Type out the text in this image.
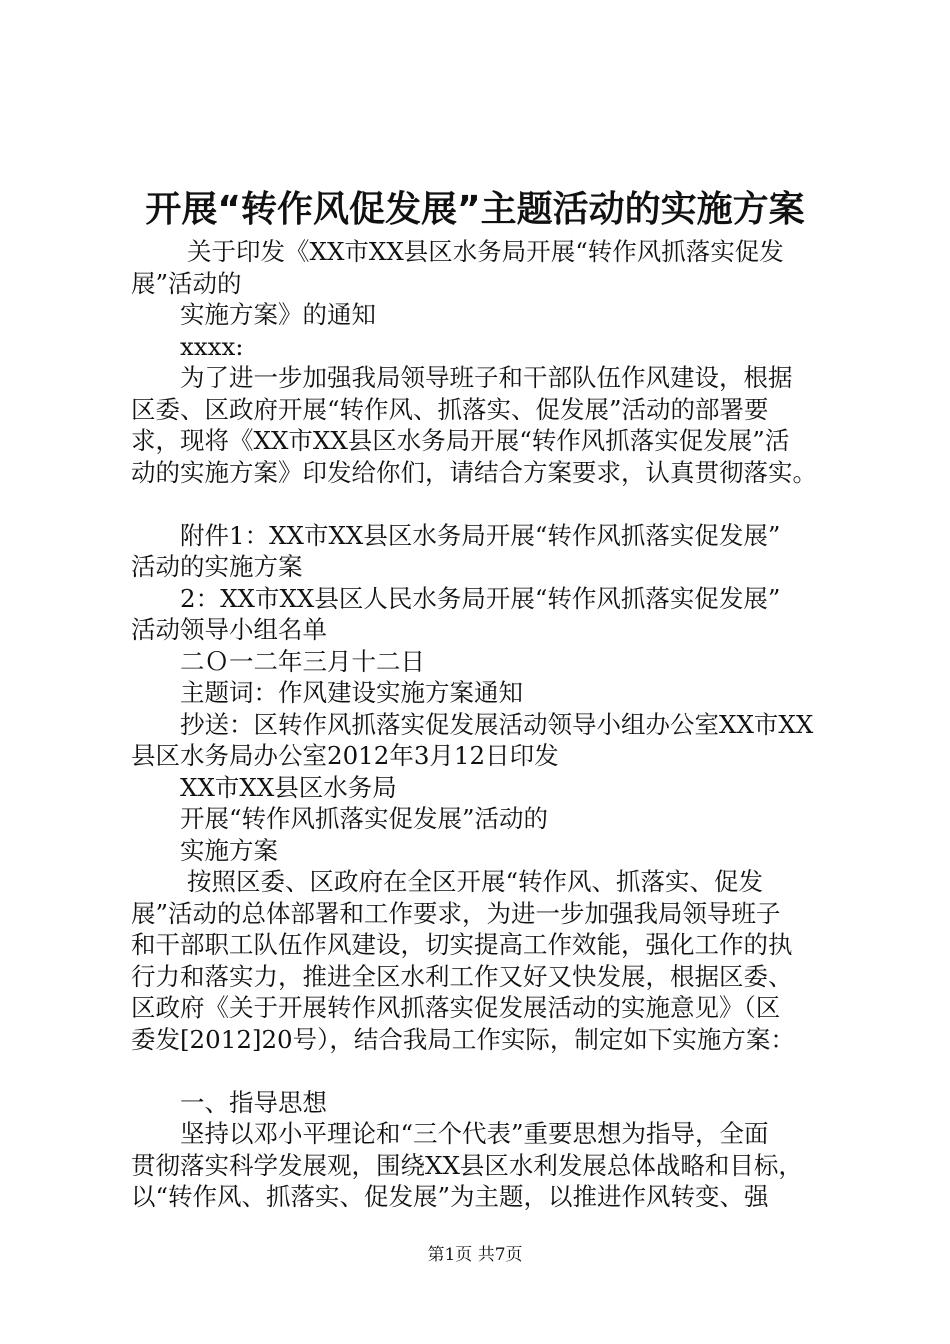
开展“转作风促发展”主题活动的实施方案
关于印发《XX市XX县区水务局开展“转作风抓落实促发
展”活动的
实施方案》的通知
xxxx:
为了进一步加强我局领导班子和干部队伍作风建设，根据
区委、区政府开展“转作风、抓落实、促发展”活动的部署要
求，现将《XX市XX县区水务局开展“转作风抓落实促发展”活
动的实施方案》印发给你们，请结合方案要求，认真贯彻落实。
附件1：XX市XX县区水务局开展“转作风抓落实促发展”
活动的实施方案
2：XX市XX县区人民水务局开展“转作风抓落实促发展”
活动领导小组名单
二Ｏ一二年三月十二日
主题词：作风建设实施方案通知
抄送：区转作风抓落实促发展活动领导小组办公室XX市XX
县区水务局办公室2012年3月12日印发
XX市XX县区水务局
开展“转作风抓落实促发展”活动的
实施方案
按照区委、区政府在全区开展“转作风、抓落实、促发
展”活动的总体部署和工作要求，为进一步加强我局领导班子
和干部职工队伍作风建设，切实提高工作效能，强化工作的执
行力和落实力，推进全区水利工作又好又快发展，根据区委、
区政府《关于开展转作风抓落实促发展活动的实施意见》（区
委发[2012]20号），结合我局工作实际，制定如下实施方案：
一、指导思想
坚持以邓小平理论和“三个代表”重要思想为指导，全面
贯彻落实科学发展观，围绕XX县区水利发展总体战略和目标，
以“转作风、抓落实、促发展”为主题，以推进作风转变、强
第1页 共7页
